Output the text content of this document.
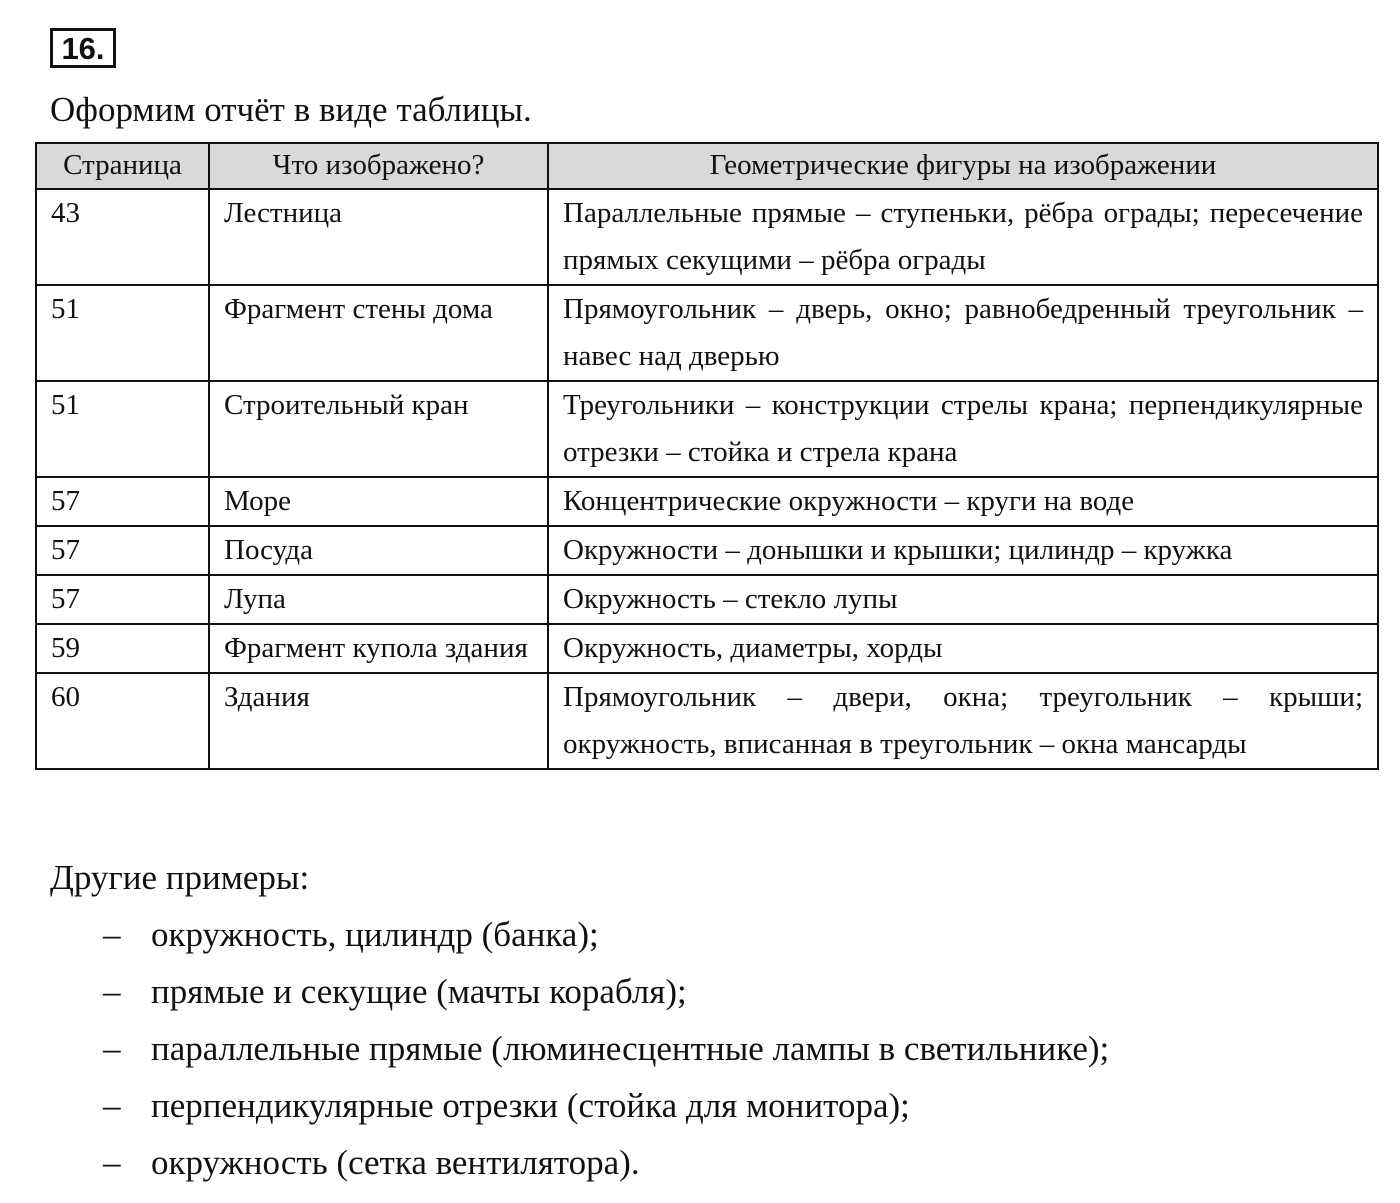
16.
Оформим отчёт в виде таблицы.
Страница	Что изображено?	Геометрические фигуры на изображении
43	Лестница	Параллельные прямые – ступеньки, рёбра ограды; пересечение прямых секущими – рёбра ограды
51	Фрагмент стены дома	Прямоугольник – дверь, окно; равнобедренный треугольник – навес над дверью
51	Строительный кран	Треугольники – конструкции стрелы крана; перпендикулярные отрезки – стойка и стрела крана
57	Море	Концентрические окружности – круги на воде
57	Посуда	Окружности – донышки и крышки; цилиндр – кружка
57	Лупа	Окружность – стекло лупы
59	Фрагмент купола здания	Окружность, диаметры, хорды
60	Здания	Прямоугольник – двери, окна; треугольник – крыши; окружность, вписанная в треугольник – окна мансарды
Другие примеры:
– окружность, цилиндр (банка);
– прямые и секущие (мачты корабля);
– параллельные прямые (люминесцентные лампы в светильнике);
– перпендикулярные отрезки (стойка для монитора);
– окружность (сетка вентилятора).
